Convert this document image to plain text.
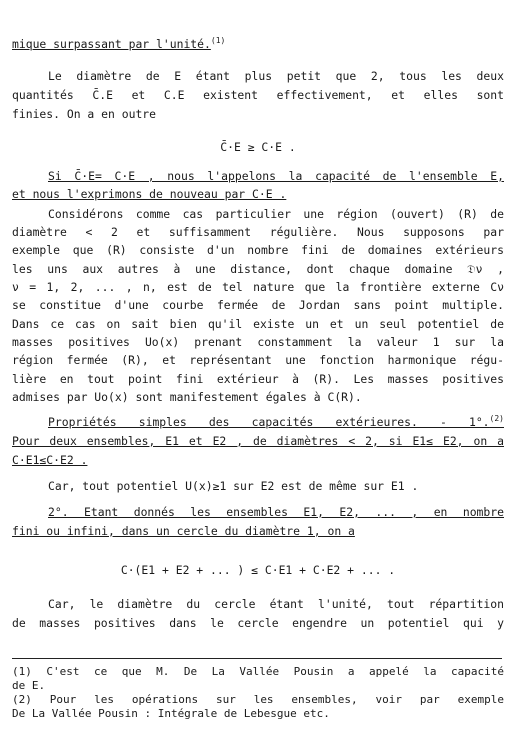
mique surpassant par l'unité.$^{(1)}$
Le diamètre de E étant plus petit que 2, tous les deux
quantités C̄.E et C.E existent effectivement, et elles sont
finies. On a en outre
C̄·E ≥ C·E .
Si C̄·E= C·E , nous l'appelons la capacité de l'ensemble E,
et nous l'exprimons de nouveau par C·E .
Considérons comme cas particulier une région (ouvert) (R) de
diamètre < 2 et suffisamment régulière. Nous supposons par
exemple que (R) consiste d'un nombre fini de domaines extérieurs
les uns aux autres à une distance, dont chaque domaine 𝔇ν ,
ν = 1, 2, ... , n, est de tel nature que la frontière externe Cν
se constitue d'une courbe fermée de Jordan sans point multiple.
Dans ce cas on sait bien qu'il existe un et un seul potentiel de
masses positives Uo(x) prenant constamment la valeur 1 sur la
région fermée (R), et représentant une fonction harmonique régu-
lière en tout point fini extérieur à (R). Les masses positives
admises par Uo(x) sont manifestement égales à C(R).
Propriétés simples des capacités extérieures. - 1°.$^{(2)}$
Pour deux ensembles, E1 et E2 , de diamètres < 2, si E1≤ E2, on a
C·E1≤C·E2 .
Car, tout potentiel U(x)≥1 sur E2 est de même sur E1 .
2°. Etant donnés les ensembles E1, E2, ... , en nombre
fini ou infini, dans un cercle du diamètre 1, on a
C·(E1 + E2 + ... ) ≤ C·E1 + C·E2 + ... .
Car, le diamètre du cercle étant l'unité, tout répartition
de masses positives dans le cercle engendre un potentiel qui y
(1) C'est ce que M. De La Vallée Pousin a appelé la capacité
de E.
(2) Pour les opérations sur les ensembles, voir par exemple
De La Vallée Pousin : Intégrale de Lebesgue etc.
